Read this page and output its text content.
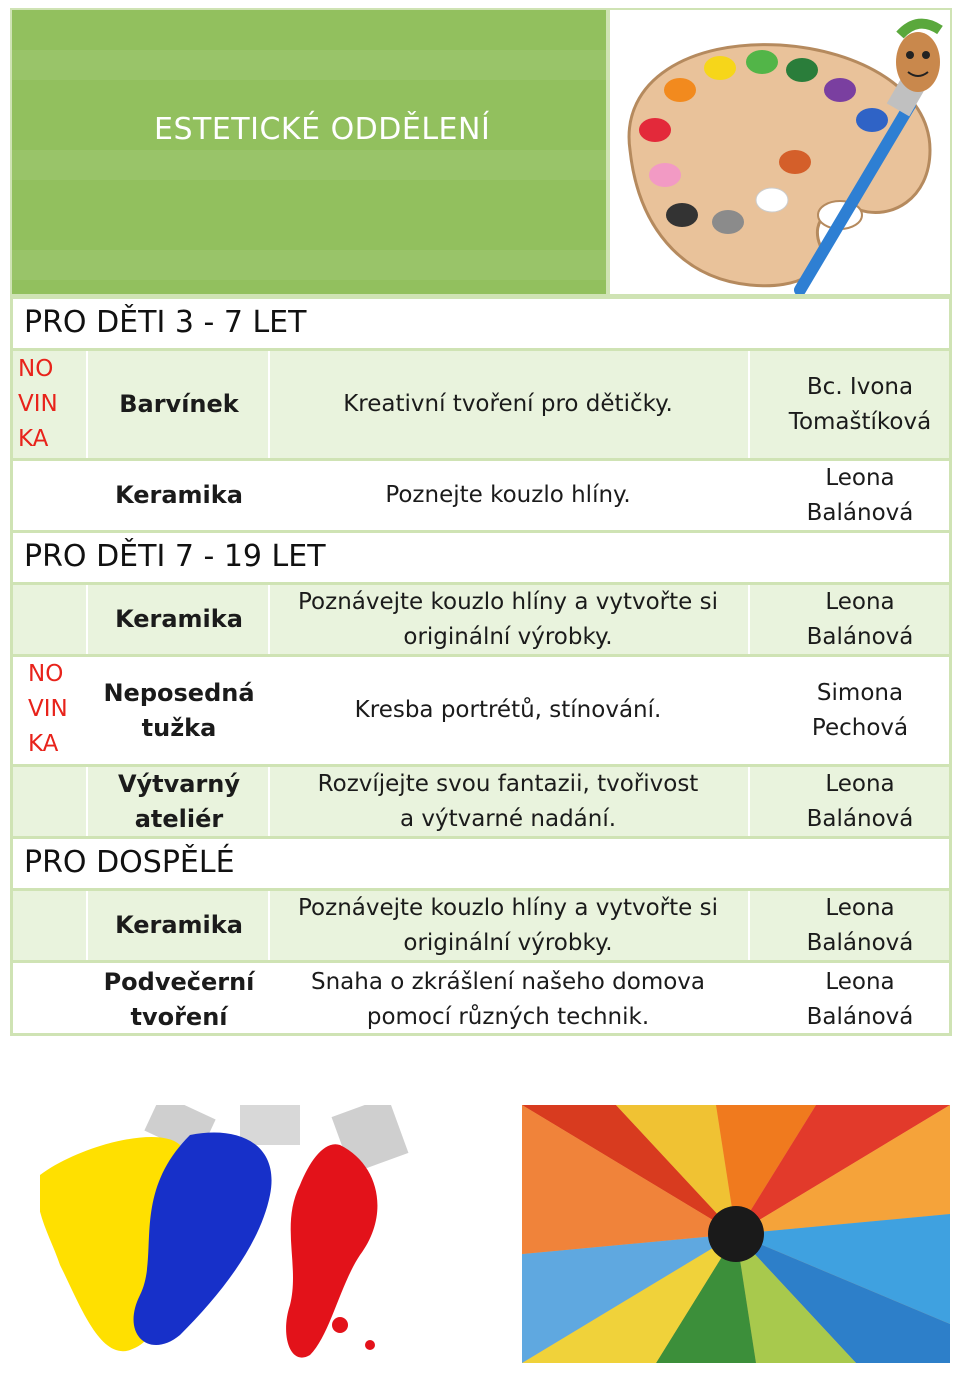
ESTETICKÉ ODDĚLENÍ
PRO DĚTI 3 - 7 LET
NO
VIN
KA
Barvínek	Kreativní tvoření pro dětičky.
Bc. Ivona
Tomaštíková
Keramika	Poznejte kouzlo hlíny.
Leona
Balánová
PRO DĚTI 7 - 19 LET
Keramika
Poznávejte kouzlo hlíny a vytvořte si
originální výrobky.
Leona
Balánová
Neposedná
tužka
Kresba portrétů, stínování.
Simona
Pechová
Výtvarný
ateliér
Rozvíjejte svou fantazii, tvořivost
a výtvarné nadání.
Leona
Balánová
PRO DOSPĚLÉ
Keramika
Poznávejte kouzlo hlíny a vytvořte si
originální výrobky.
Leona
Balánová
Podvečerní
tvoření
Snaha o zkrášlení našeho domova
pomocí různých technik.
Leona
Balánová
NO
VIN
KA
